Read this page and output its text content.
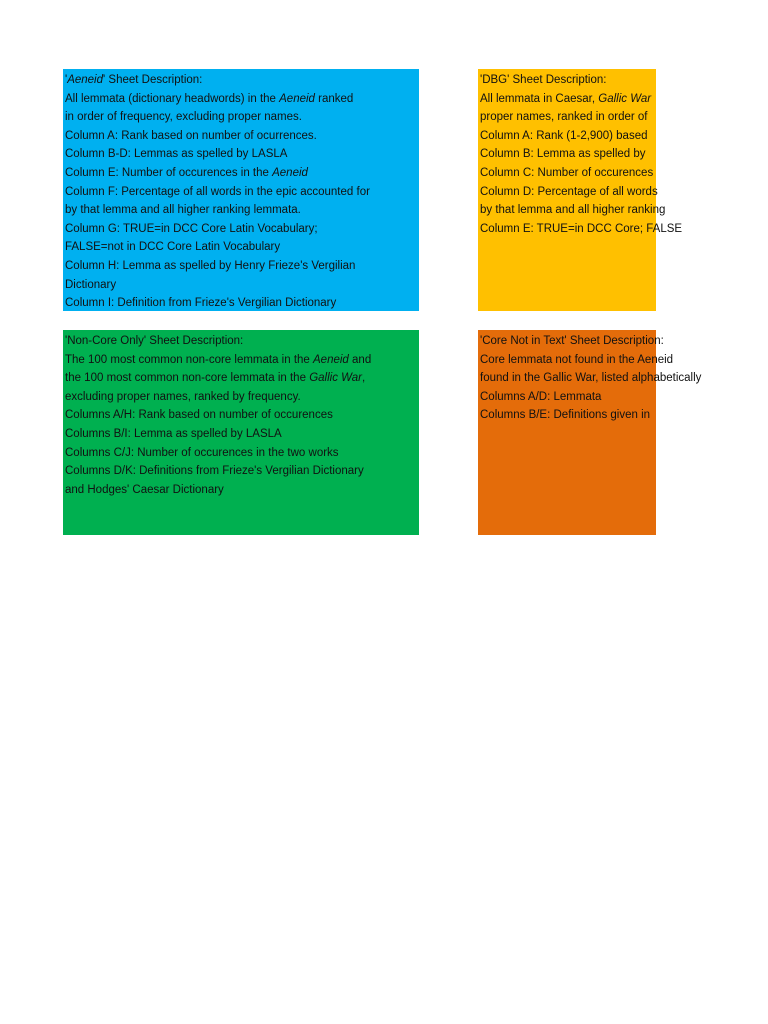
'Aeneid' Sheet Description:
All lemmata (dictionary headwords) in the Aeneid ranked
in order of frequency, excluding proper names.
Column A: Rank based on number of ocurrences.
Column B-D: Lemmas as spelled by LASLA
Column E: Number of occurences in the Aeneid
Column F: Percentage of all words in the epic accounted for
by that lemma and all higher ranking lemmata.
Column G: TRUE=in DCC Core Latin Vocabulary;
FALSE=not in DCC Core Latin Vocabulary
Column H: Lemma as spelled by Henry Frieze's Vergilian
Dictionary
Column I: Definition from Frieze's Vergilian Dictionary
'DBG' Sheet Description:
All lemmata in Caesar, Gallic War
proper names, ranked in order of
Column A: Rank (1-2,900) based
Column B: Lemma as spelled by
Column C: Number of occurences
Column D: Percentage of all words
by that lemma and all higher ranking
Column E: TRUE=in DCC Core; FALSE
'Non-Core Only' Sheet Description:
The 100 most common non-core lemmata in the Aeneid and
the 100 most common non-core lemmata in the Gallic War,
excluding proper names, ranked by frequency.
Columns A/H: Rank based on number of occurences
Columns B/I: Lemma as spelled by LASLA
Columns C/J: Number of occurences in the two works
Columns D/K: Definitions from Frieze's Vergilian Dictionary
and Hodges' Caesar Dictionary
'Core Not in Text' Sheet Description:
Core lemmata not found in the Aeneid
found in the Gallic War, listed alphabetically
Columns A/D: Lemmata
Columns B/E: Definitions given in
